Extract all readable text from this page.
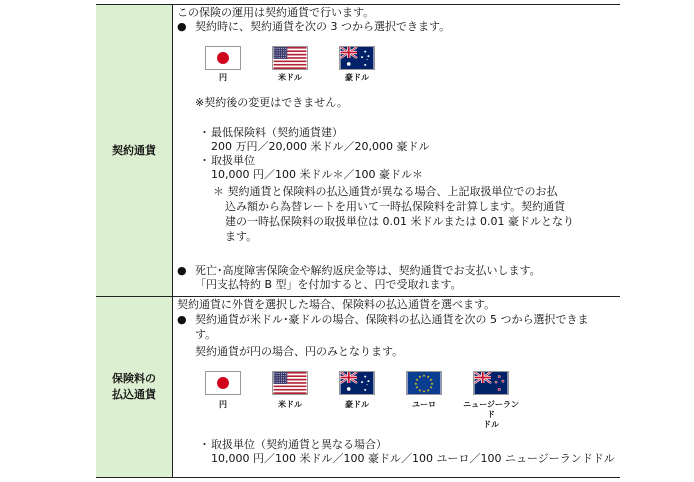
契約通貨
この保険の運用は契約通貨で行います。
● 契約時に、契約通貨を次の 3 つから選択できます。
円	米ドル	豪ドル
※契約後の変更はできません。
・ 最低保険料（契約通貨建）
200 万円／20,000 米ドル／20,000 豪ドル
・ 取扱単位
10,000 円／100 米ドル＊／100 豪ドル＊
＊ 契約通貨と保険料の払込通貨が異なる場合、上記取扱単位でのお払
込み額から為替レートを用いて一時払保険料を計算します。契約通貨
建の一時払保険料の取扱単位は 0.01 米ドルまたは 0.01 豪ドルとなり
ます。
● 死亡･高度障害保険金や解約返戻金等は、契約通貨でお支払いします。
「円支払特約 B 型」を付加すると、円で受取れます。
保険料の
払込通貨
契約通貨に外貨を選択した場合、保険料の払込通貨を選べます。
● 契約通貨が米ドル･豪ドルの場合、保険料の払込通貨を次の 5 つから選択できま
す。
契約通貨が円の場合、円のみとなります。
円	米ドル	豪ドル
★ ★
★
★
★
★
★
★
★
★
★
★
ユーロ	ニュージーランド
ドル
・ 取扱単位（契約通貨と異なる場合）
10,000 円／100 米ドル／100 豪ドル／100 ユーロ／100 ニュージーランドドル
